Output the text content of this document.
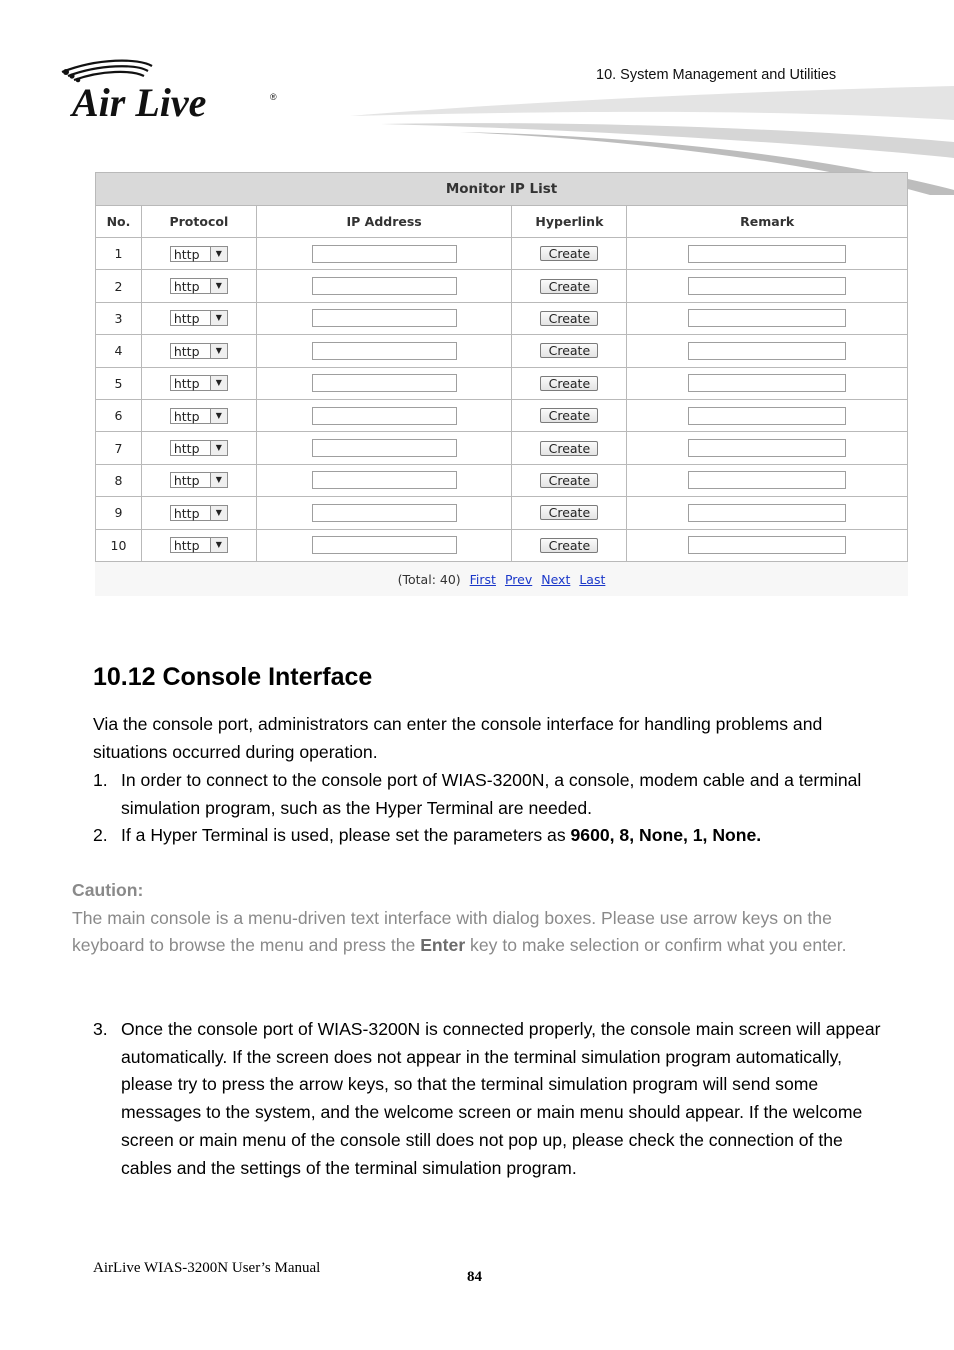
10. System Management and Utilities
Air Live	®
Monitor IP List				
No.	Protocol	IP Address	Hyperlink	Remark
1	http ▼		Create	
2	http ▼		Create	
3	http ▼		Create	
4	http ▼		Create	
5	http ▼		Create	
6	http ▼		Create	
7	http ▼		Create	
8	http ▼		Create	
9	http ▼		Create	
10	http ▼		Create	
(Total: 40) First Prev Next Last
10.12 Console Interface
Via the console port, administrators can enter the console interface for handling problems and situations occurred during operation.
1. In order to connect to the console port of WIAS-3200N, a console, modem cable and a terminal simulation program, such as the Hyper Terminal are needed.
2. If a Hyper Terminal is used, please set the parameters as 9600, 8, None, 1, None.
Caution:
The main console is a menu-driven text interface with dialog boxes. Please use arrow keys on the keyboard to browse the menu and press the Enter key to make selection or confirm what you enter.
3. Once the console port of WIAS-3200N is connected properly, the console main screen will appear automatically. If the screen does not appear in the terminal simulation program automatically, please try to press the arrow keys, so that the terminal simulation program will send some messages to the system, and the welcome screen or main menu should appear. If the welcome screen or main menu of the console still does not pop up, please check the connection of the cables and the settings of the terminal simulation program.
AirLive WIAS-3200N User’s Manual
84
